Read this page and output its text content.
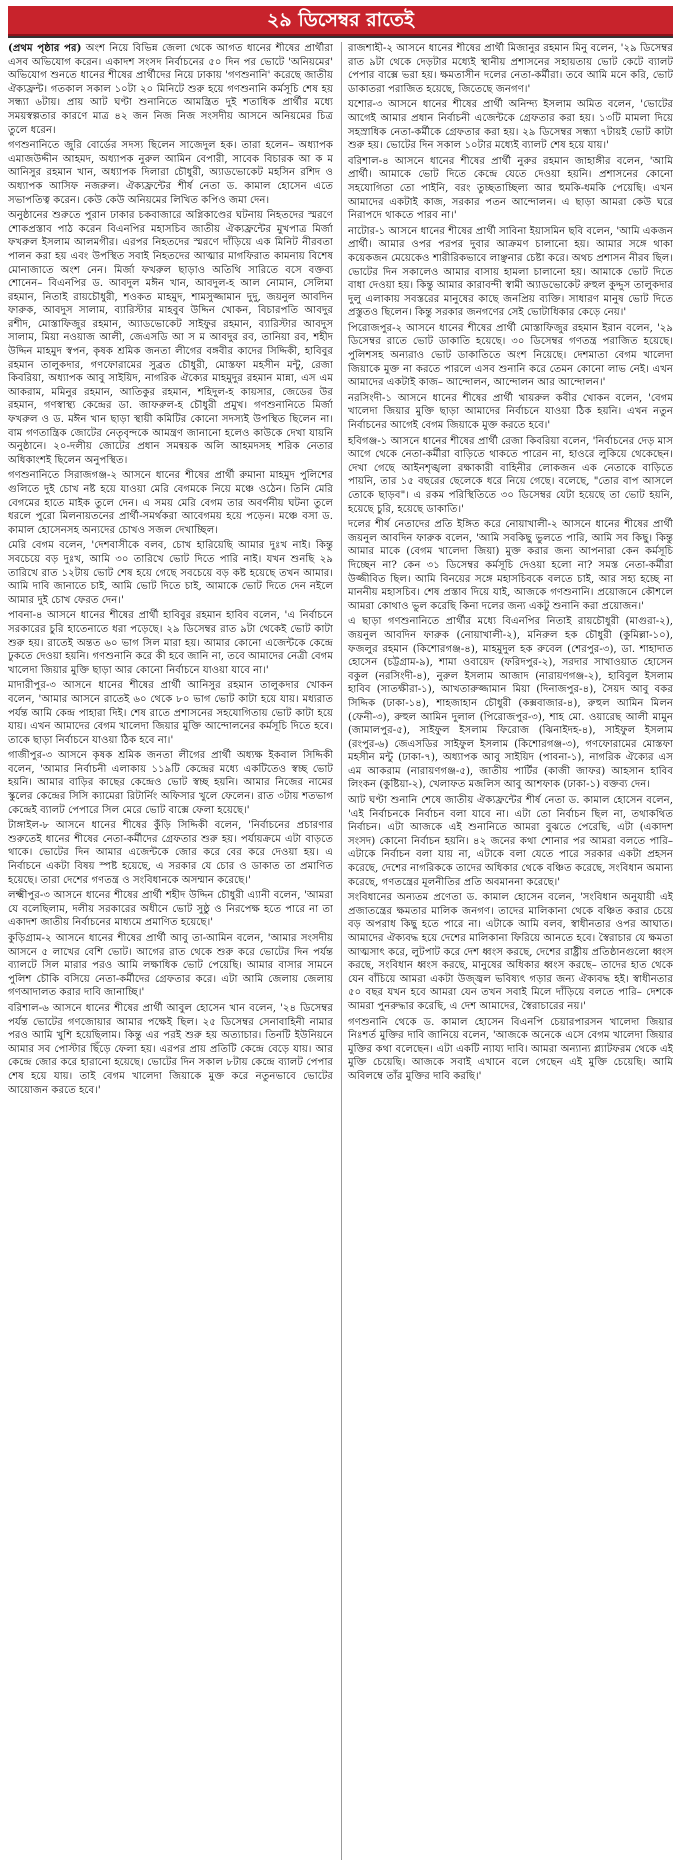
২৯ ডিসেম্বর রাতেই

(প্রথম পৃষ্ঠার পর) অংশ নিয়ে বিভিন্ন জেলা থেকে আগত ধানের শীষের প্রার্থীরা এসব অভিযোগ করেন। একাদশ সংসদ নির্বাচনের ৫০ দিন পর ভোটে 'অনিয়মের' অভিযোগ শুনতে ধানের শীষের প্রার্থীদের নিয়ে ঢাকায় 'গণশুনানি' করেছে জাতীয় ঐক্যফ্রন্ট। গতকাল সকাল ১০টা ২০ মিনিটে শুরু হয়ে গণশুনানি কর্মসূচি শেষ হয় সন্ধ্যা ৬টায়। প্রায় আট ঘণ্টা শুনানিতে আমন্ত্রিত দুই শতাধিক প্রার্থীর মধ্যে সময়স্বল্পতার কারণে মাত্র ৪২ জন নিজ নিজ সংসদীয় আসনে অনিয়মের চিত্র তুলে ধরেন।

গণশুনানিতে জুরি বোর্ডের সদস্য ছিলেন সাজেদুল হক। তারা হলেন– অধ্যাপক এমাজউদ্দীন আহমদ, অধ্যাপক নুরুল আমিন বেপারী, সাবেক বিচারক আ ক ম আনিসুর রহমান খান, অধ্যাপক দিলারা চৌধুরী, অ্যাডভোকেট মহসিন রশিদ ও অধ্যাপক আসিফ নজরুল। ঐক্যফ্রন্টের শীর্ষ নেতা ড. কামাল হোসেন এতে সভাপতিত্ব করেন। কেউ কেউ অনিয়মের লিখিত কপিও জমা দেন।

অনুষ্ঠানের শুরুতে পুরান ঢাকার চকবাজারে অগ্নিকাণ্ডের ঘটনায় নিহতদের স্মরণে শোকপ্রস্তাব পাঠ করেন বিএনপির মহাসচিব জাতীয় ঐক্যফ্রন্টের মুখপাত্র মির্জা ফখরুল ইসলাম আলমগীর। এরপর নিহতদের স্মরণে দাঁড়িয়ে এক মিনিট নীরবতা পালন করা হয় এবং উপস্থিত সবাই নিহতদের আত্মার মাগফিরাত কামনায় বিশেষ মোনাজাতে অংশ নেন। মির্জা ফখরুল ছাড়াও অতিথি সারিতে বসে বক্তব্য শোনেন– বিএনপির ড. আবদুল মঈন খান, আবদুল-হ আল নোমান, সেলিমা রহমান, নিতাই রায়চৌধুরী, শওকত মাহমুদ, শামসুজ্জামান দুদু, জয়নুল আবদিন ফারুক, আবদুস সালাম, ব্যারিস্টার মাহবুব উদ্দিন খোকন, বিচারপতি আবদুর রশীদ, মোস্তাফিজুর রহমান, অ্যাডভোকেট সাইফুর রহমান, ব্যারিস্টার আবদুস সালাম, মিয়া নওয়াজ আলী, জেএসডি আ স ম আবদুর রব, তানিয়া রব, শহীদ উদ্দিন মাহমুদ স্বপন, কৃষক শ্রমিক জনতা লীগের বঙ্গবীর কাদের সিদ্দিকী, হাবিবুর রহমান তালুকদার, গণফোরামের সুব্রত চৌধুরী, মোস্তফা মহসীন মন্টু, রেজা কিবরিয়া, অধ্যাপক আবু সাইয়িদ, নাগরিক ঐক্যের মাহমুদুর রহমান মান্না, এস এম আকরাম, মমিনুর রহমান, আতিকুর রহমান, শহিদুল-হ কায়সার, জেডের উর রহমান, গণস্বাস্থ্য কেন্দ্রের ডা. জাফরুল-হ চৌধুরী প্রমুখ। গণশুনানিতে মির্জা ফখরুল ও ড. মঈন খান ছাড়া স্থায়ী কমিটির কোনো সদস্যই উপস্থিত ছিলেন না। বাম গণতান্ত্রিক জোটের নেতৃবৃন্দকে আমন্ত্রণ জানানো হলেও কাউকে দেখা যায়নি অনুষ্ঠানে। ২০-দলীয় জোটের প্রধান সমন্বয়ক অলি আহমদসহ শরিক নেতার অধিকাংশই ছিলেন অনুপস্থিত।

গণশুনানিতে সিরাজগঞ্জ-২ আসনে ধানের শীষের প্রার্থী রুমানা মাহমুদ পুলিশের গুলিতে দুই চোখ নষ্ট হয়ে যাওয়া মেরি বেগমকে নিয়ে মঞ্চে ওঠেন। তিনি মেরি বেগমের হাতে মাইক তুলে দেন। এ সময় মেরি বেগম তার অবর্ণনীয় ঘটনা তুলে ধরলে পুরো মিলনায়তনের প্রার্থী-সমর্থকরা আবেগময় হয়ে পড়েন। মঞ্চে বসা ড. কামাল হোসেনসহ অন্যদের চোখও সজল দেখাচ্ছিল।

মেরি বেগম বলেন, 'দেশবাসীকে বলব, চোখ হারিয়েছি আমার দুঃখ নাই। কিন্তু সবচেয়ে বড় দুঃখ, আমি ৩০ তারিখে ভোট দিতে পারি নাই। যখন শুনছি ২৯ তারিখে রাত ১২টায় ভোট শেষ হয়ে গেছে সবচেয়ে বড় কষ্ট হয়েছে তখন আমার। আমি দাবি জানাতে চাই, আমি ভোট দিতে চাই, আমাকে ভোট দিতে দেন নইলে আমার দুই চোখ ফেরত দেন।'

পাবনা-৪ আসনে ধানের শীষের প্রার্থী হাবিবুর রহমান হাবিব বলেন, 'এ নির্বাচনে সরকারের চুরি হাতেনাতে ধরা পড়েছে। ২৯ ডিসেম্বর রাত ৯টা থেকেই ভোট কাটা শুরু হয়। রাতেই অন্তত ৬০ ভাগ সিল মারা হয়। আমার কোনো এজেন্টকে কেন্দ্রে ঢুকতে দেওয়া হয়নি। গণশুনানি করে কী হবে জানি না, তবে আমাদের নেত্রী বেগম খালেদা জিয়ার মুক্তি ছাড়া আর কোনো নির্বাচনে যাওয়া যাবে না।'

মাদারীপুর-৩ আসনে ধানের শীষের প্রার্থী আনিসুর রহমান তালুকদার খোকন বলেন, 'আমার আসনে রাতেই ৬০ থেকে ৮০ ভাগ ভোট কাটা হয়ে যায়। মধ্যরাত পর্যন্ত আমি কেন্দ্র পাহারা দিই। শেষ রাতে প্রশাসনের সহযোগিতায় ভোট কাটা হয়ে যায়। এখন আমাদের বেগম খালেদা জিয়ার মুক্তি আন্দোলনের কর্মসূচি দিতে হবে। তাকে ছাড়া নির্বাচনে যাওয়া ঠিক হবে না।'

গাজীপুর-৩ আসনে কৃষক শ্রমিক জনতা লীগের প্রার্থী অধ্যক্ষ ইকবাল সিদ্দিকী বলেন, 'আমার নির্বাচনী এলাকায় ১১৯টি কেন্দ্রের মধ্যে একটিতেও স্বচ্ছ ভোট হয়নি। আমার বাড়ির কাছের কেন্দ্রেও ভোট স্বচ্ছ হয়নি। আমার নিজের নামের স্কুলের কেন্দ্রের সিসি ক্যামেরা রিটার্নিং অফিসার খুলে ফেলেন। রাত ৩টায় শতভাগ কেন্দ্রেই ব্যালট পেপারে সিল মেরে ভোট বাক্সে ফেলা হয়েছে।'

টাঙ্গাইল-৮ আসনে ধানের শীষের কুঁড়ি সিদ্দিকী বলেন, 'নির্বাচনের প্রচারণার শুরুতেই ধানের শীষের নেতা-কর্মীদের গ্রেফতার শুরু হয়। পর্যায়ক্রমে এটা বাড়তে থাকে। ভোটের দিন আমার এজেন্টকে জোর করে বের করে দেওয়া হয়। এ নির্বাচনে একটা বিষয় স্পষ্ট হয়েছে, এ সরকার যে চোর ও ডাকাত তা প্রমাণিত হয়েছে। তারা দেশের গণতন্ত্র ও সংবিধানকে অসম্মান করেছে।'

লক্ষ্মীপুর-৩ আসনে ধানের শীষের প্রার্থী শহীদ উদ্দিন চৌধুরী এ্যানী বলেন, 'আমরা যে বলেছিলাম, দলীয় সরকারের অধীনে ভোট সুষ্ঠু ও নিরপেক্ষ হতে পারে না তা একাদশ জাতীয় নির্বাচনের মাধ্যমে প্রমাণিত হয়েছে।'

কুড়িগ্রাম-২ আসনে ধানের শীষের প্রার্থী আবু তা-আমিন বলেন, 'আমার সংসদীয় আসনে ৫ লাখের বেশি ভোট। আগের রাত থেকে শুরু করে ভোটের দিন পর্যন্ত ব্যালটে সিল মারার পরও আমি লক্ষাধিক ভোট পেয়েছি। আমার বাসার সামনে পুলিশ চৌকি বসিয়ে নেতা-কর্মীদের গ্রেফতার করে। এটা আমি জেলায় জেলায় গণআদালত করার দাবি জানাচ্ছি।'

বরিশাল-৬ আসনে ধানের শীষের প্রার্থী আবুল হোসেন খান বলেন, '২৪ ডিসেম্বর পর্যন্ত ভোটের গণজোয়ার আমার পক্ষেই ছিল। ২৫ ডিসেম্বর সেনাবাহিনী নামার পরও আমি খুশি হয়েছিলাম। কিন্তু এর পরই শুরু হয় অত্যাচার। তিনটি ইউনিয়নে আমার সব পোস্টার ছিঁড়ে ফেলা হয়। এরপর প্রায় প্রতিটি কেন্দ্রে বেড়ে যায়। আর কেন্দ্রে জোর করে হারানো হয়েছে। ভোটের দিন সকাল ৮টায় কেন্দ্রে ব্যালট পেপার শেষ হয়ে যায়। তাই বেগম খালেদা জিয়াকে মুক্ত করে নতুনভাবে ভোটের আয়োজন করতে হবে।'

রাজশাহী-২ আসনে ধানের শীষের প্রার্থী মিজানুর রহমান মিনু বলেন, '২৯ ডিসেম্বর রাত ৯টা থেকে দেড়টার মধ্যেই স্থানীয় প্রশাসনের সহায়তায় ভোট কেটে ব্যালট পেপার বাক্সে ভরা হয়। ক্ষমতাসীন দলের নেতা-কর্মীরা। তবে আমি মনে করি, ভোট ডাকাতরা পরাজিত হয়েছে, জিতেছে জনগণ।'

যশোর-৩ আসনে ধানের শীষের প্রার্থী অনিন্দ্য ইসলাম অমিত বলেন, 'ভোটের আগেই আমার প্রধান নির্বাচনী এজেন্টকে গ্রেফতার করা হয়। ১৩টি মামলা দিয়ে সহস্রাধিক নেতা-কর্মীকে গ্রেফতার করা হয়। ২৯ ডিসেম্বর সন্ধ্যা ৭টায়ই ভোট কাটা শুরু হয়। ভোটের দিন সকাল ১০টার মধ্যেই ব্যালট শেষ হয়ে যায়।'

বরিশাল-৪ আসনে ধানের শীষের প্রার্থী নুরুর রহমান জাহাঙ্গীর বলেন, 'আমি প্রার্থী। আমাকে ভোট দিতে কেন্দ্রে যেতে দেওয়া হয়নি। প্রশাসনের কোনো সহযোগিতা তো পাইনি, বরং তুচ্ছতাচ্ছিল্য আর হুমকি-ধমকি পেয়েছি। এখন আমাদের একটাই কাজ, সরকার পতন আন্দোলন। এ ছাড়া আমরা কেউ ঘরে নিরাপদে থাকতে পারব না।'

নাটোর-১ আসনে ধানের শীষের প্রার্থী সাবিনা ইয়াসমিন ছবি বলেন, 'আমি একজন প্রার্থী। আমার ওপর পরপর দুবার আক্রমণ চালানো হয়। আমার সঙ্গে থাকা কয়েকজন মেয়েকেও শারীরিকভাবে লাঞ্ছনার চেষ্টা করে। অথচ প্রশাসন নীরব ছিল। ভোটের দিন সকালেও আমার বাসায় হামলা চালানো হয়। আমাকে ভোট দিতে বাধা দেওয়া হয়। কিন্তু আমার কারাবন্দী স্বামী অ্যাডভোকেট রুহুল কুদ্দুস তালুকদার দুলু এলাকায় সবস্তরের মানুষের কাছে জনপ্রিয় ব্যক্তি। সাধারণ মানুষ ভোট দিতে প্রস্তুতও ছিলেন। কিন্তু সরকার জনগণের সেই ভোটাধিকার কেড়ে নেয়।'

পিরোজপুর-২ আসনে ধানের শীষের প্রার্থী মোস্তাফিজুর রহমান ইরান বলেন, '২৯ ডিসেম্বর রাতে ভোট ডাকাতি হয়েছে। ৩০ ডিসেম্বর গণতন্ত্র পরাজিত হয়েছে। পুলিশসহ অন্যরাও ভোট ডাকাতিতে অংশ নিয়েছে। দেশমাতা বেগম খালেদা জিয়াকে মুক্ত না করতে পারলে এসব শুনানি করে তেমন কোনো লাভ নেই। এখন আমাদের একটাই কাজ– আন্দোলন, আন্দোলন আর আন্দোলন।'

নরসিংদী-১ আসনে ধানের শীষের প্রার্থী খায়রুল কবীর খোকন বলেন, 'বেগম খালেদা জিয়ার মুক্তি ছাড়া আমাদের নির্বাচনে যাওয়া ঠিক হয়নি। এখন নতুন নির্বাচনের আগেই বেগম জিয়াকে মুক্ত করতে হবে।'

হবিগঞ্জ-১ আসনে ধানের শীষের প্রার্থী রেজা কিবরিয়া বলেন, 'নির্বাচনের দেড় মাস আগে থেকে নেতা-কর্মীরা বাড়িতে থাকতে পারেন না, হাওরে লুকিয়ে থেকেছেন। দেখা গেছে আইনশৃঙ্খলা রক্ষাকারী বাহিনীর লোকজন এক নেতাকে বাড়িতে পায়নি, তার ১৫ বছরের ছেলেকে ধরে নিয়ে গেছে। বলেছে, "তোর বাপ আসলে তোকে ছাড়ব"। এ রকম পরিস্থিতিতে ৩০ ডিসেম্বর যেটা হয়েছে তা ভোট হয়নি, হয়েছে চুরি, হয়েছে ডাকাতি।'

দলের শীর্ষ নেতাদের প্রতি ইঙ্গিত করে নোয়াখালী-২ আসনে ধানের শীষের প্রার্থী জয়নুল আবদিন ফারুক বলেন, 'আমি সবকিছু ভুলতে পারি, আমি সব কিছু। কিন্তু আমার মাকে (বেগম খালেদা জিয়া) মুক্ত করার জন্য আপনারা কেন কর্মসূচি দিচ্ছেন না? কেন ৩১ ডিসেম্বর কর্মসূচি দেওয়া হলো না? সমস্ত নেতা-কর্মীরা উজ্জীবিত ছিল। আমি বিনয়ের সঙ্গে মহাসচিবকে বলতে চাই, আর সহ্য হচ্ছে না মাননীয় মহাসচিব। শেষ প্রস্তাব দিয়ে যাই, আজকে গণশুনানি। প্রয়োজনে কৌশলে আমরা কোথাও ভুল করেছি কিনা দলের জন্য একটু শুনানি করা প্রয়োজন।'

এ ছাড়া গণশুনানিতে প্রার্থীর মধ্যে বিএনপির নিতাই রায়চৌধুরী (মাগুরা-২), জয়নুল আবদিন ফারুক (নোয়াখালী-২), মনিরুল হক চৌধুরী (কুমিল্লা-১০), ফজলুর রহমান (কিশোরগঞ্জ-৪), মাহমুদুল হক রুবেল (শেরপুর-৩), ডা. শাহাদাত হোসেন (চট্টগ্রাম-৯), শামা ওবায়েদ (ফরিদপুর-২), সরদার সাখাওয়াত হোসেন বকুল (নরসিংদী-৪), নুরুল ইসলাম আজাদ (নারায়ণগঞ্জ-২), হাবিবুল ইসলাম হাবিব (সাতক্ষীরা-১), আখতারুজ্জামান মিয়া (দিনাজপুর-৪), সৈয়দ আবু বকর সিদ্দিক (ঢাকা-১৪), শাহজাহান চৌধুরী (কক্সবাজার-৪), রুহুল আমিন মিলন (ফেনী-৩), রুহুল আমিন দুলাল (পিরোজপুর-৩), শাহ মো. ওয়ারেছ আলী মামুন (জামালপুর-৫), সাইফুল ইসলাম ফিরোজ (ঝিনাইদহ-৪), সাইফুল ইসলাম (রংপুর-৬) জেএসডির সাইফুল ইসলাম (কিশোরগঞ্জ-৩), গণফোরামের মোস্তফা মহসীন মন্টু (ঢাকা-৭), অধ্যাপক আবু সাইয়িদ (পাবনা-১), নাগরিক ঐক্যের এস এম আকরাম (নারায়ণগঞ্জ-৫), জাতীয় পার্টির (কাজী জাফর) আহসান হাবিব লিংকন (কুষ্টিয়া-২), খেলাফত মজলিস আবু আশফাক (ঢাকা-১) বক্তব্য দেন।

আট ঘণ্টা শুনানি শেষে জাতীয় ঐক্যফ্রন্টের শীর্ষ নেতা ড. কামাল হোসেন বলেন, 'এই নির্বাচনকে নির্বাচন বলা যাবে না। এটা তো নির্বাচন ছিল না, তথাকথিত নির্বাচন। এটা আজকে এই শুনানিতে আমরা বুঝতে পেরেছি, এটা (একাদশ সংসদ) কোনো নির্বাচন হয়নি। ৪২ জনের কথা শোনার পর আমরা বলতে পারি– এটাকে নির্বাচন বলা যায় না, এটাকে বলা যেতে পারে সরকার একটা প্রহসন করেছে, দেশের নাগরিককে তাদের অধিকার থেকে বঞ্চিত করেছে, সংবিধান অমান্য করেছে, গণতন্ত্রের মূলনীতির প্রতি অবমাননা করেছে।'

সংবিধানের অন্যতম প্রণেতা ড. কামাল হোসেন বলেন, 'সংবিধান অনুযায়ী এই প্রজাতন্ত্রের ক্ষমতার মালিক জনগণ। তাদের মালিকানা থেকে বঞ্চিত করার চেয়ে বড় অপরাধ কিছু হতে পারে না। এটাকে আমি বলব, স্বাধীনতার ওপর আঘাত। আমাদের ঐক্যবদ্ধ হয়ে দেশের মালিকানা ফিরিয়ে আনতে হবে। স্বৈরাচার যে ক্ষমতা আত্মসাৎ করে, লুটপাট করে দেশ ধ্বংস করছে, দেশের রাষ্ট্রীয় প্রতিষ্ঠানগুলো ধ্বংস করছে, সংবিধান ধ্বংস করছে, মানুষের অধিকার ধ্বংস করছে– তাদের হাত থেকে যেন বাঁচিয়ে আমরা একটা উজ্জ্বল ভবিষ্যৎ গড়ার জন্য ঐক্যবদ্ধ হই। স্বাধীনতার ৫০ বছর যখন হবে আমরা যেন তখন সবাই মিলে দাঁড়িয়ে বলতে পারি– দেশকে আমরা পুনরুদ্ধার করেছি, এ দেশ আমাদের, স্বৈরাচারের নয়।'

গণশুনানি থেকে ড. কামাল হোসেন বিএনপি চেয়ারপারসন খালেদা জিয়ার নিঃশর্ত মুক্তির দাবি জানিয়ে বলেন, 'আজকে অনেকে এসে বেগম খালেদা জিয়ার মুক্তির কথা বলেছেন। এটা একটি ন্যায্য দাবি। আমরা অন্যান্য প্ল্যাটফরম থেকে এই মুক্তি চেয়েছি। আজকে সবাই এখানে বলে গেছেন এই মুক্তি চেয়েছি। আমি অবিলম্বে তাঁর মুক্তির দাবি করছি।'
